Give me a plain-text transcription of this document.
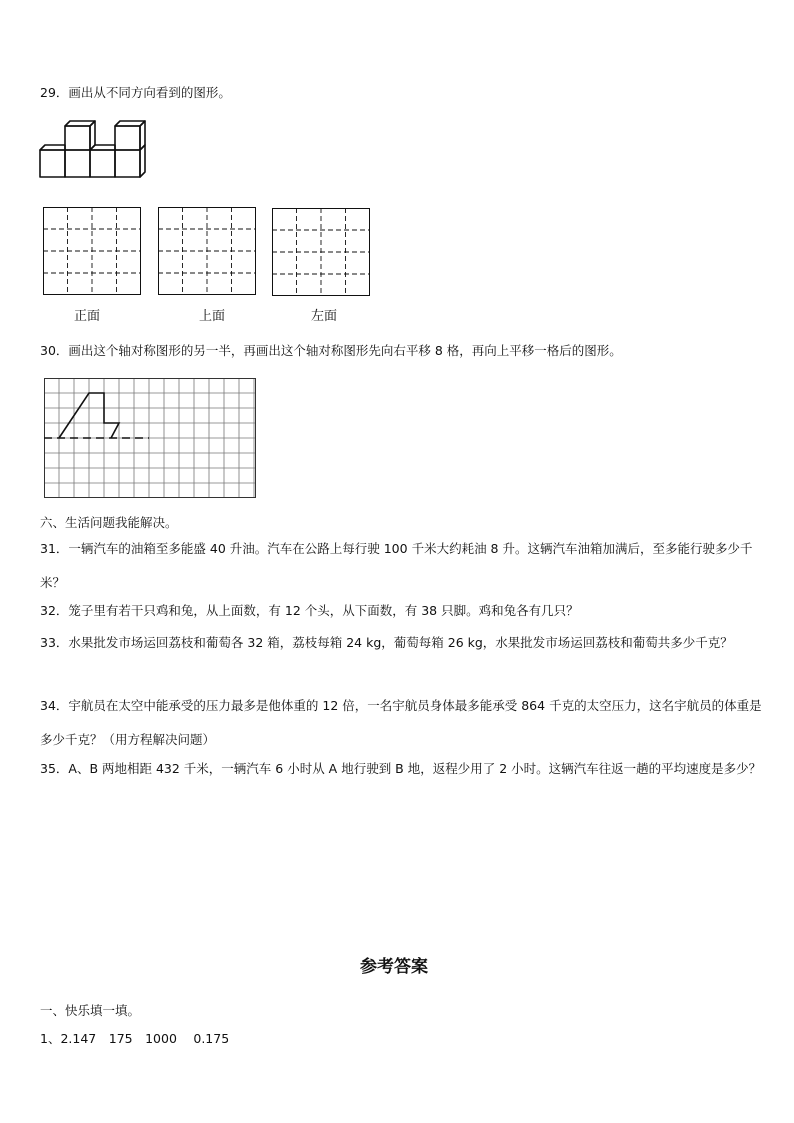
29．画出从不同方向看到的图形。
正面	上面	左面
30．画出这个轴对称图形的另一半，再画出这个轴对称图形先向右平移 8 格，再向上平移一格后的图形。
六、生活问题我能解决。
31．一辆汽车的油箱至多能盛 40 升油。汽车在公路上每行驶 100 千米大约耗油 8 升。这辆汽车油箱加满后，至多能行驶多少千米？
32．笼子里有若干只鸡和兔，从上面数，有 12 个头，从下面数，有 38 只脚。鸡和兔各有几只？
33．水果批发市场运回荔枝和葡萄各 32 箱，荔枝每箱 24 kg，葡萄每箱 26 kg，水果批发市场运回荔枝和葡萄共多少千克？
34．宇航员在太空中能承受的压力最多是他体重的 12 倍，一名宇航员身体最多能承受 864 千克的太空压力，这名宇航员的体重是多少千克？（用方程解决问题）
35．A、B 两地相距 432 千米，一辆汽车 6 小时从 A 地行驶到 B 地，返程少用了 2 小时。这辆汽车往返一趟的平均速度是多少？
参考答案
一、快乐填一填。
1、2.147　175　1000　 0.175
